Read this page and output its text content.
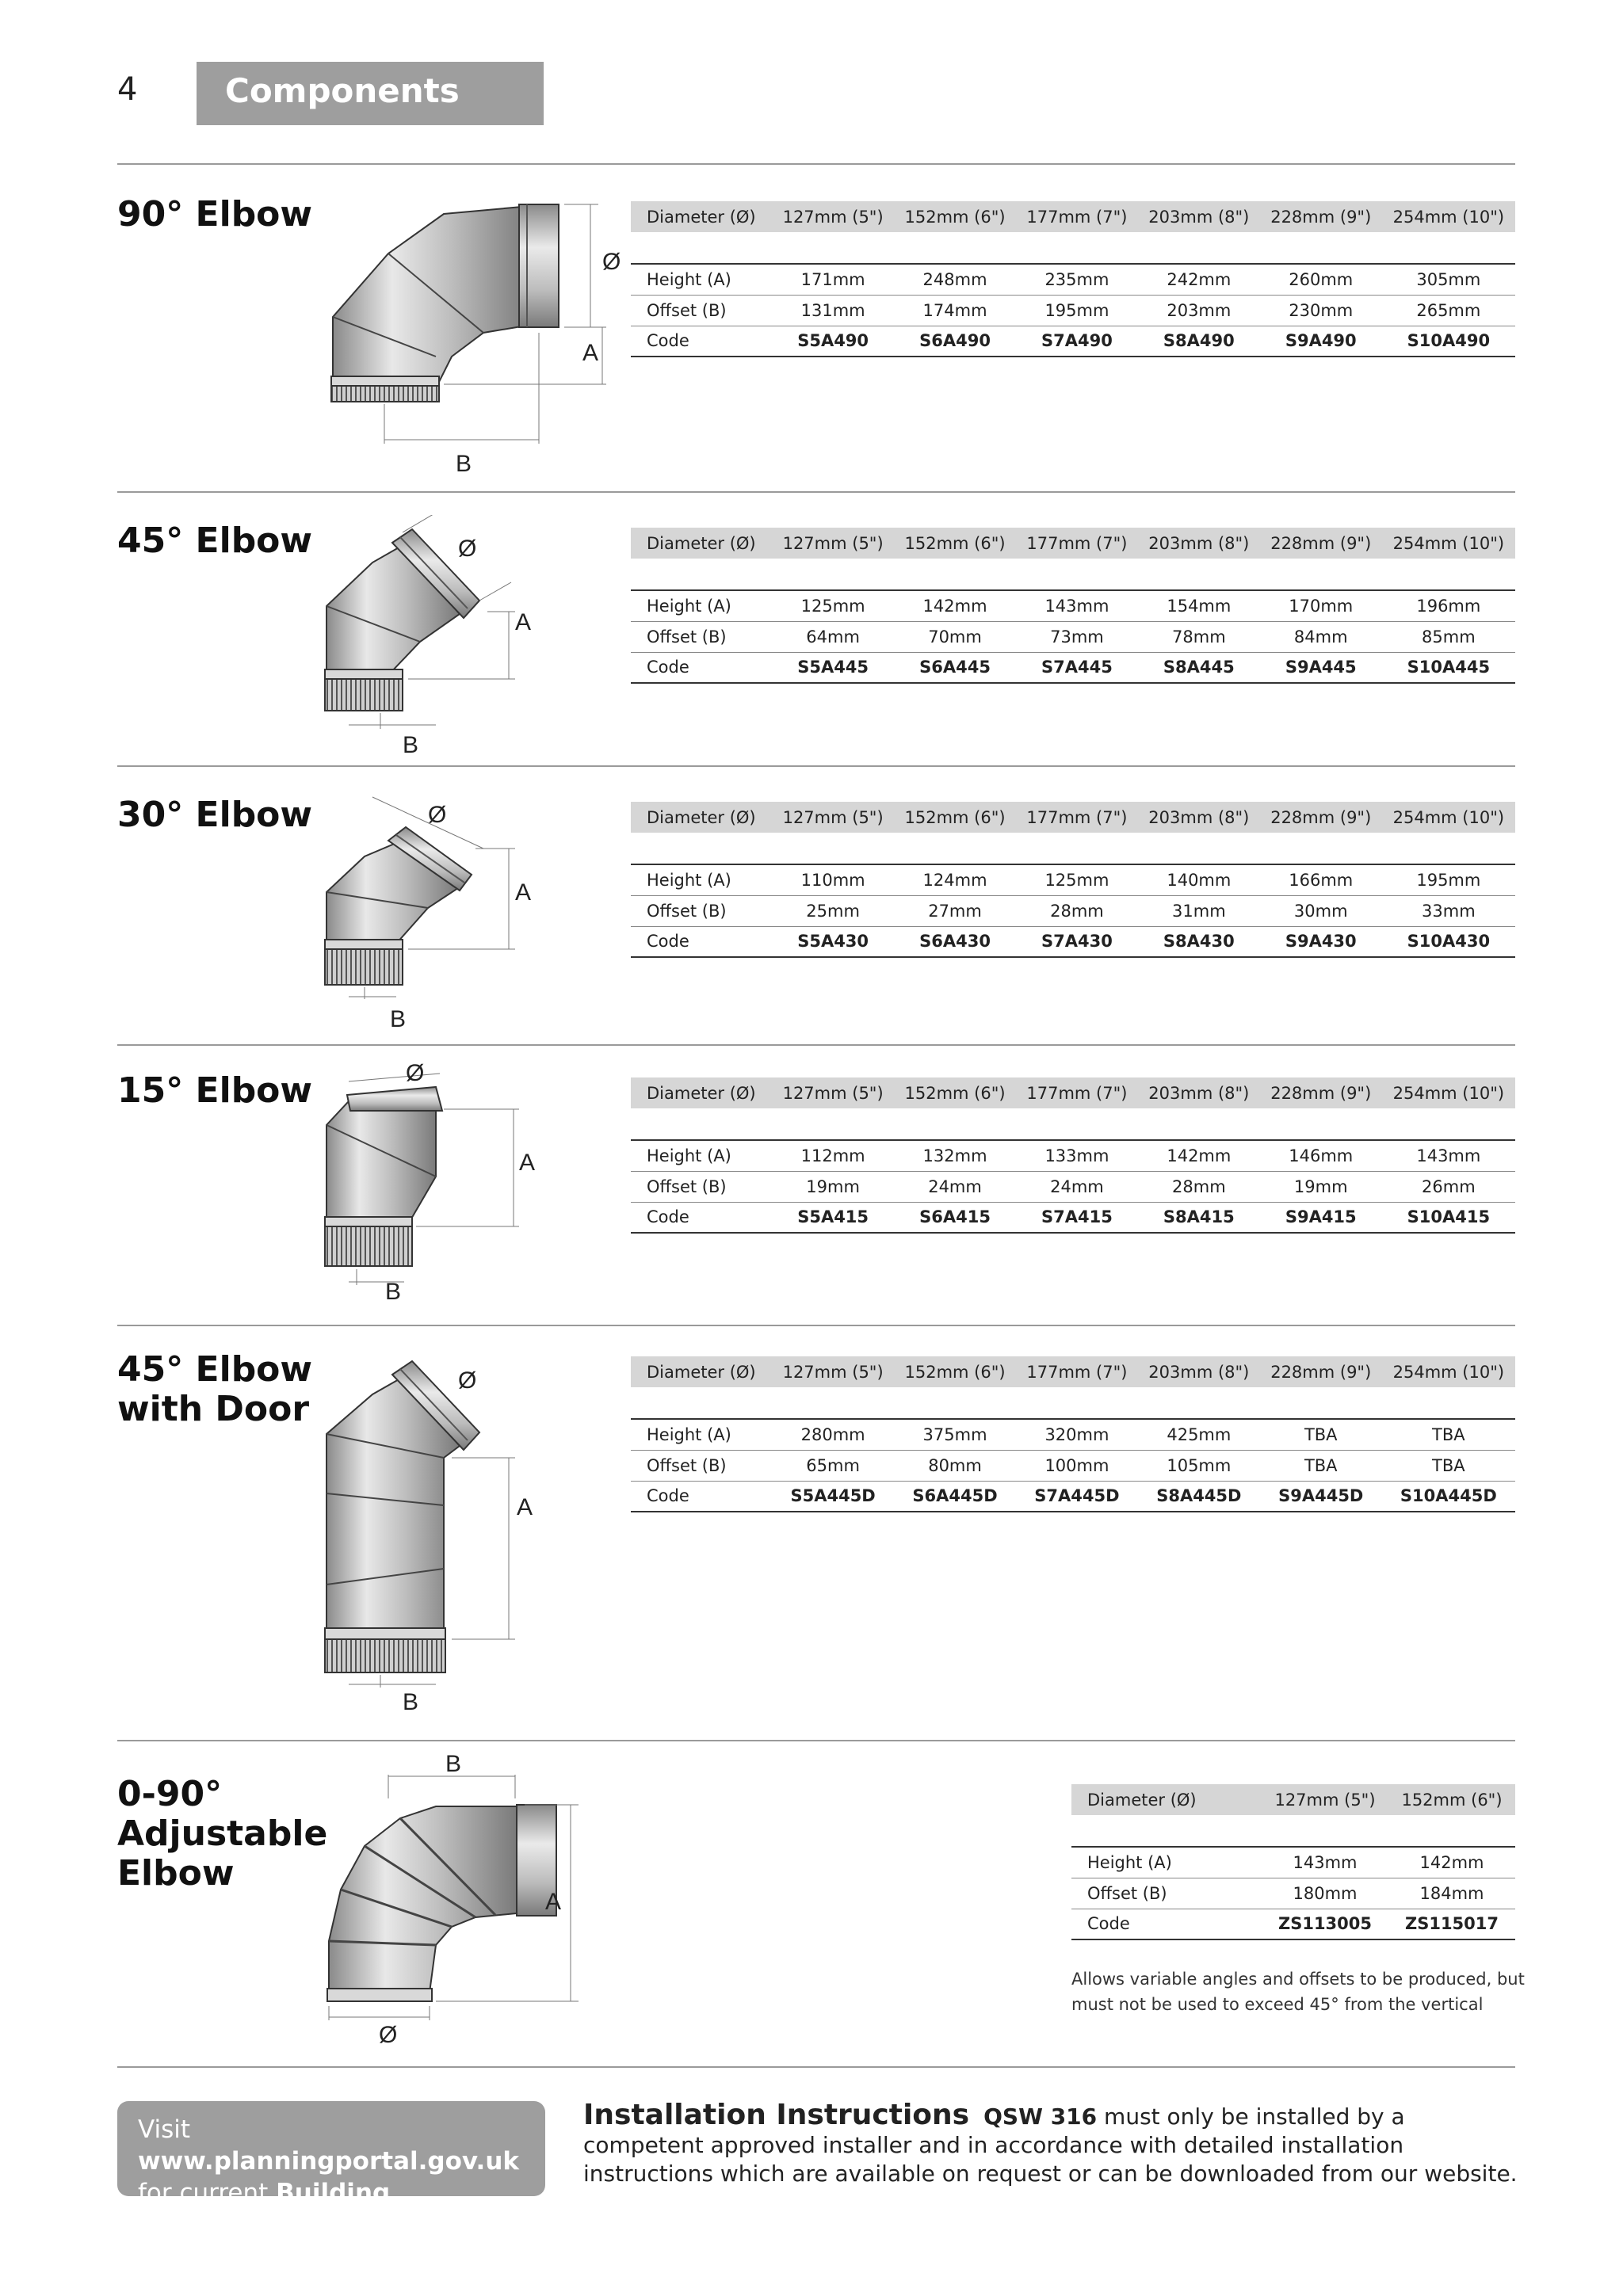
4	Components
90° Elbow
Ø
A
B
Diameter (Ø)	127mm (5")	152mm (6")	177mm (7")	203mm (8")	228mm (9")	254mm (10")

Height (A)	171mm	248mm	235mm	242mm	260mm	305mm
Offset (B)	131mm	174mm	195mm	203mm	230mm	265mm
Code	S5A490	S6A490	S7A490	S8A490	S9A490	S10A490
45° Elbow	Ø
A
B
Diameter (Ø)	127mm (5")	152mm (6")	177mm (7")	203mm (8")	228mm (9")	254mm (10")

Height (A)	125mm	142mm	143mm	154mm	170mm	196mm
Offset (B)	64mm	70mm	73mm	78mm	84mm	85mm
Code	S5A445	S6A445	S7A445	S8A445	S9A445	S10A445
30° Elbow	Ø
A
B
Diameter (Ø)	127mm (5")	152mm (6")	177mm (7")	203mm (8")	228mm (9")	254mm (10")

Height (A)	110mm	124mm	125mm	140mm	166mm	195mm
Offset (B)	25mm	27mm	28mm	31mm	30mm	33mm
Code	S5A430	S6A430	S7A430	S8A430	S9A430	S10A430
15° Elbow	Ø
A
B
Diameter (Ø)	127mm (5")	152mm (6")	177mm (7")	203mm (8")	228mm (9")	254mm (10")

Height (A)	112mm	132mm	133mm	142mm	146mm	143mm
Offset (B)	19mm	24mm	24mm	28mm	19mm	26mm
Code	S5A415	S6A415	S7A415	S8A415	S9A415	S10A415
45° Elbow
with Door
Ø
A
B
Diameter (Ø)	127mm (5")	152mm (6")	177mm (7")	203mm (8")	228mm (9")	254mm (10")

Height (A)	280mm	375mm	320mm	425mm	TBA	TBA
Offset (B)	65mm	80mm	100mm	105mm	TBA	TBA
Code	S5A445D	S6A445D	S7A445D	S8A445D	S9A445D	S10A445D
0-90°
Adjustable
Elbow
B
A
Ø
Diameter (Ø)	127mm (5")	152mm (6")

Height (A)	143mm	142mm
Offset (B)	180mm	184mm
Code	ZS113005	ZS115017
Allows variable angles and offsets to be produced, but must not be used to exceed 45° from the vertical
Visit www.planningportal.gov.uk
for current Building Regulations
Installation Instructions QSW 316 must only be installed by a competent approved installer and in accordance with detailed installation instructions which are available on request or can be downloaded from our website.
